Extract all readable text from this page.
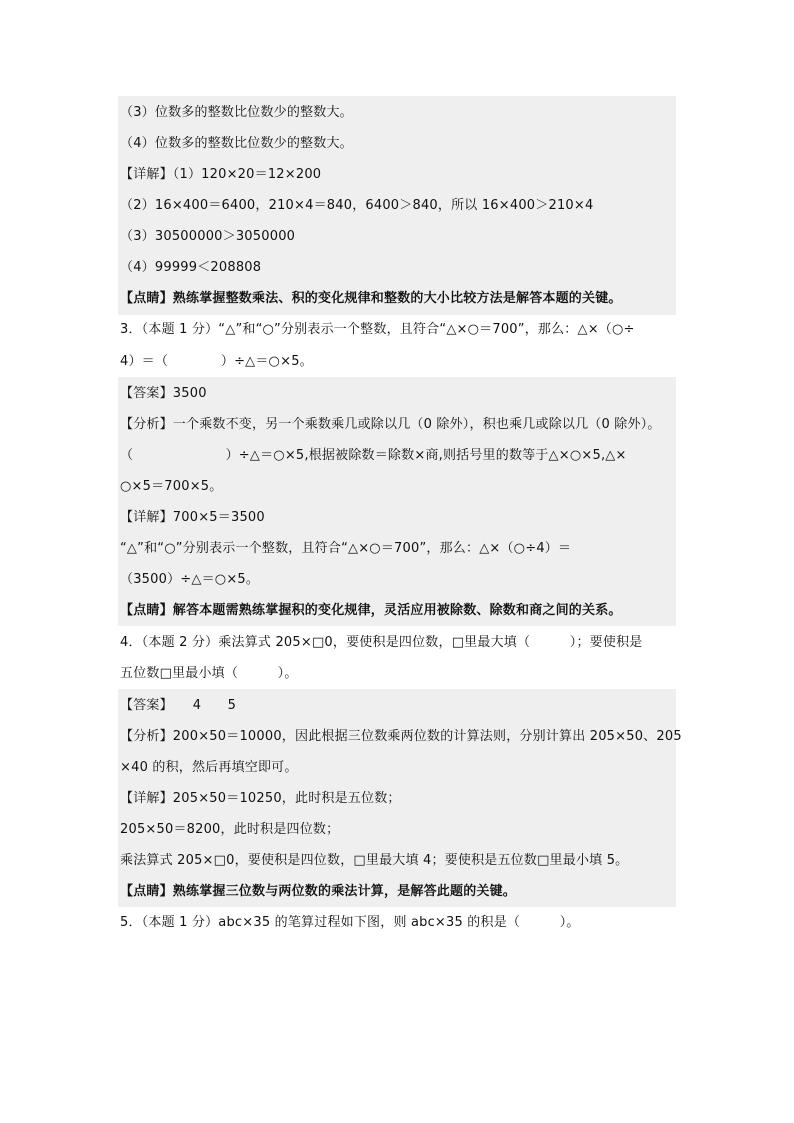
（3）位数多的整数比位数少的整数大。
（4）位数多的整数比位数少的整数大。
【详解】（1）120×20＝12×200
（2）16×400＝6400，210×4＝840，6400＞840，所以 16×400＞210×4
（3）30500000＞3050000
（4）99999＜208808
【点睛】熟练掌握整数乘法、积的变化规律和整数的大小比较方法是解答本题的关键。
3．（本题 1 分）“△”和“○”分别表示一个整数，且符合“△×○＝700”，那么：△×（○÷
4）＝（　　　　）÷△＝○×5。
【答案】3500
【分析】一个乘数不变，另一个乘数乘几或除以几（0 除外），积也乘几或除以几（0 除外）。
（　　　　　　　）÷△＝○×5,根据被除数＝除数×商,则括号里的数等于△×○×5,△×
○×5＝700×5。
【详解】700×5＝3500
“△”和“○”分别表示一个整数，且符合“△×○＝700”，那么：△×（○÷4）＝
（3500）÷△＝○×5。
【点睛】解答本题需熟练掌握积的变化规律，灵活应用被除数、除数和商之间的关系。
4．（本题 2 分）乘法算式 205×□0，要使积是四位数，□里最大填（　　　）；要使积是
五位数□里最小填（　　　）。
【答案】　　4　　5
【分析】200×50＝10000，因此根据三位数乘两位数的计算法则，分别计算出 205×50、205
×40 的积，然后再填空即可。
【详解】205×50＝10250，此时积是五位数；
205×50＝8200，此时积是四位数；
乘法算式 205×□0，要使积是四位数，□里最大填 4；要使积是五位数□里最小填 5。
【点睛】熟练掌握三位数与两位数的乘法计算，是解答此题的关键。
5．（本题 1 分）abc×35 的笔算过程如下图，则 abc×35 的积是（　　　）。
